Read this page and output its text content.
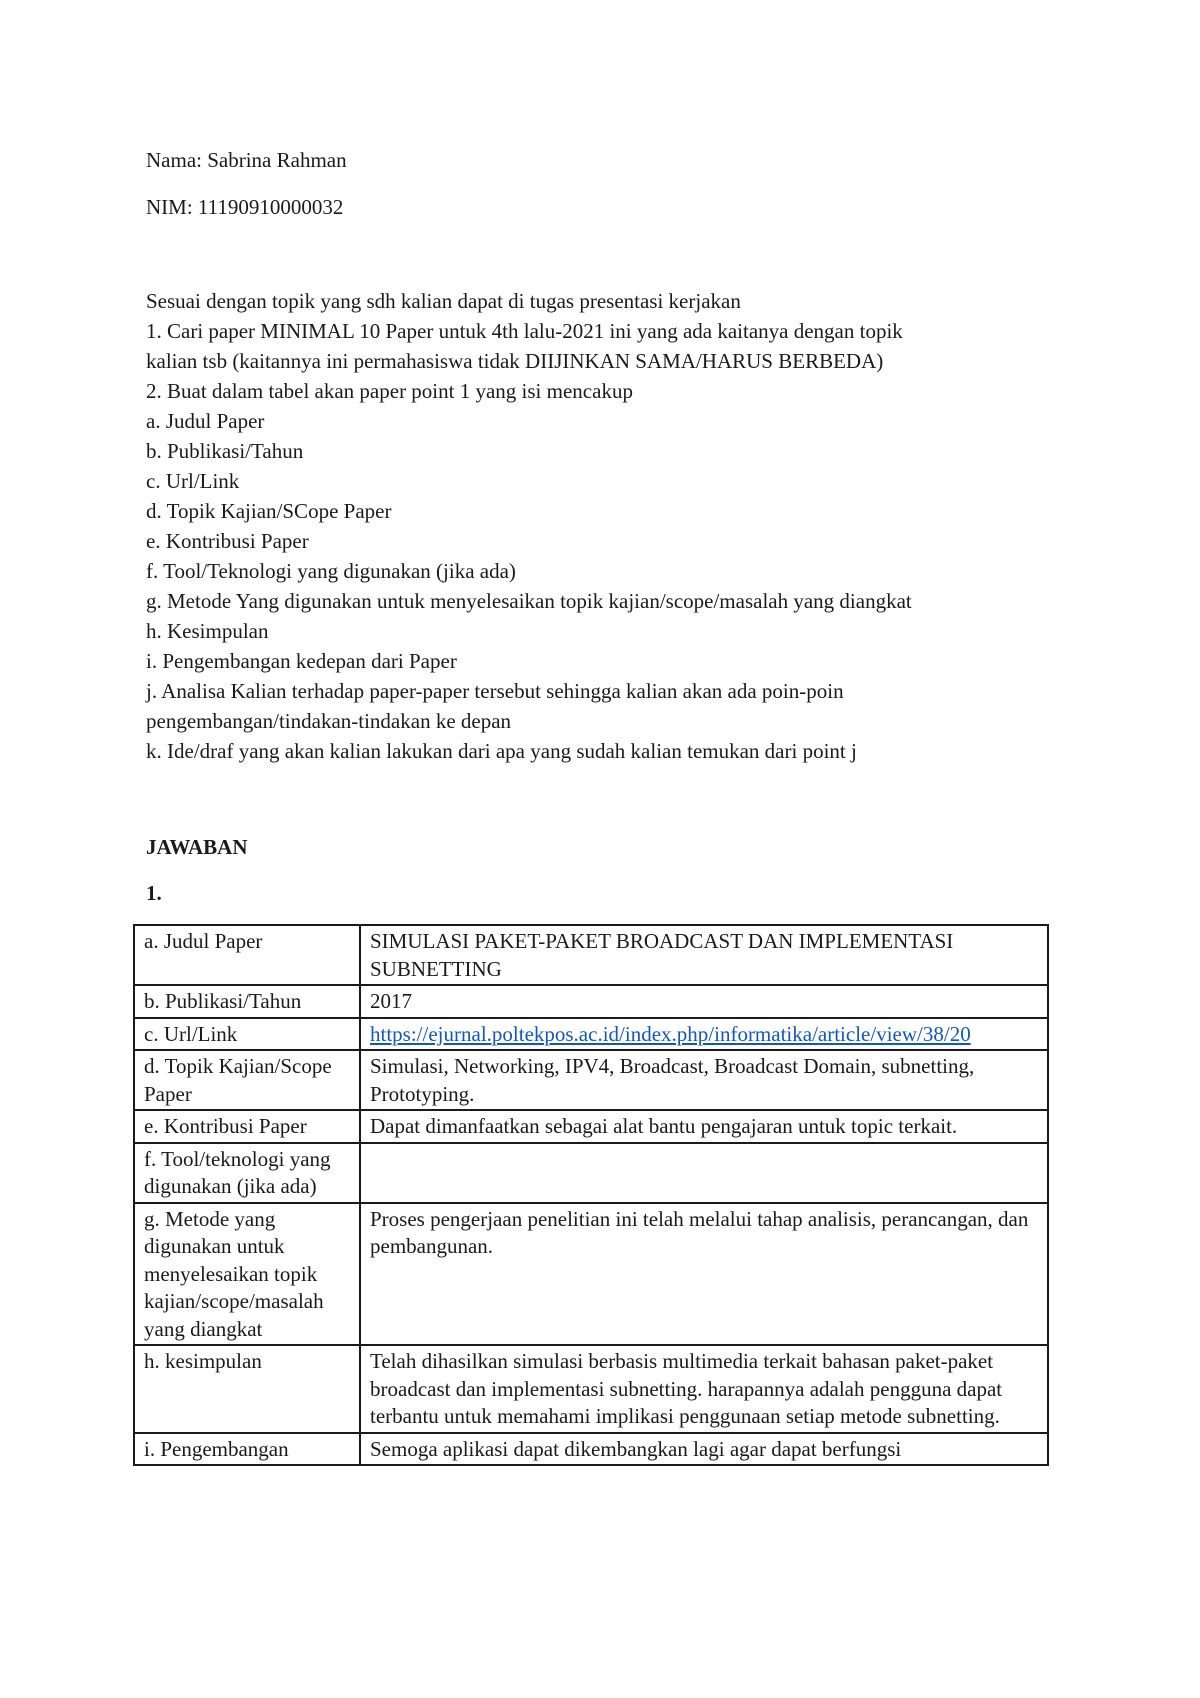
Nama: Sabrina Rahman
NIM: 11190910000032
Sesuai dengan topik yang sdh kalian dapat di tugas presentasi kerjakan
1. Cari paper MINIMAL 10 Paper untuk 4th lalu-2021 ini yang ada kaitanya dengan topik
kalian tsb (kaitannya ini permahasiswa tidak DIIJINKAN SAMA/HARUS BERBEDA)
2. Buat dalam tabel akan paper point 1 yang isi mencakup
a. Judul Paper
b. Publikasi/Tahun
c. Url/Link
d. Topik Kajian/SCope Paper
e. Kontribusi Paper
f. Tool/Teknologi yang digunakan (jika ada)
g. Metode Yang digunakan untuk menyelesaikan topik kajian/scope/masalah yang diangkat
h. Kesimpulan
i. Pengembangan kedepan dari Paper
j. Analisa Kalian terhadap paper-paper tersebut sehingga kalian akan ada poin-poin
pengembangan/tindakan-tindakan ke depan
k. Ide/draf yang akan kalian lakukan dari apa yang sudah kalian temukan dari point j
JAWABAN
1.
a. Judul Paper	SIMULASI PAKET-PAKET BROADCAST DAN IMPLEMENTASI SUBNETTING
b. Publikasi/Tahun	2017
c. Url/Link	https://ejurnal.poltekpos.ac.id/index.php/informatika/article/view/38/20
d. Topik Kajian/Scope Paper	Simulasi, Networking, IPV4, Broadcast, Broadcast Domain, subnetting, Prototyping.
e. Kontribusi Paper	Dapat dimanfaatkan sebagai alat bantu pengajaran untuk topic terkait.
f. Tool/teknologi yang digunakan (jika ada)	
g. Metode yang digunakan untuk menyelesaikan topik kajian/scope/masalah yang diangkat	Proses pengerjaan penelitian ini telah melalui tahap analisis, perancangan, dan pembangunan.
h. kesimpulan	Telah dihasilkan simulasi berbasis multimedia terkait bahasan paket-paket broadcast dan implementasi subnetting. harapannya adalah pengguna dapat terbantu untuk memahami implikasi penggunaan setiap metode subnetting.
i. Pengembangan	Semoga aplikasi dapat dikembangkan lagi agar dapat berfungsi
